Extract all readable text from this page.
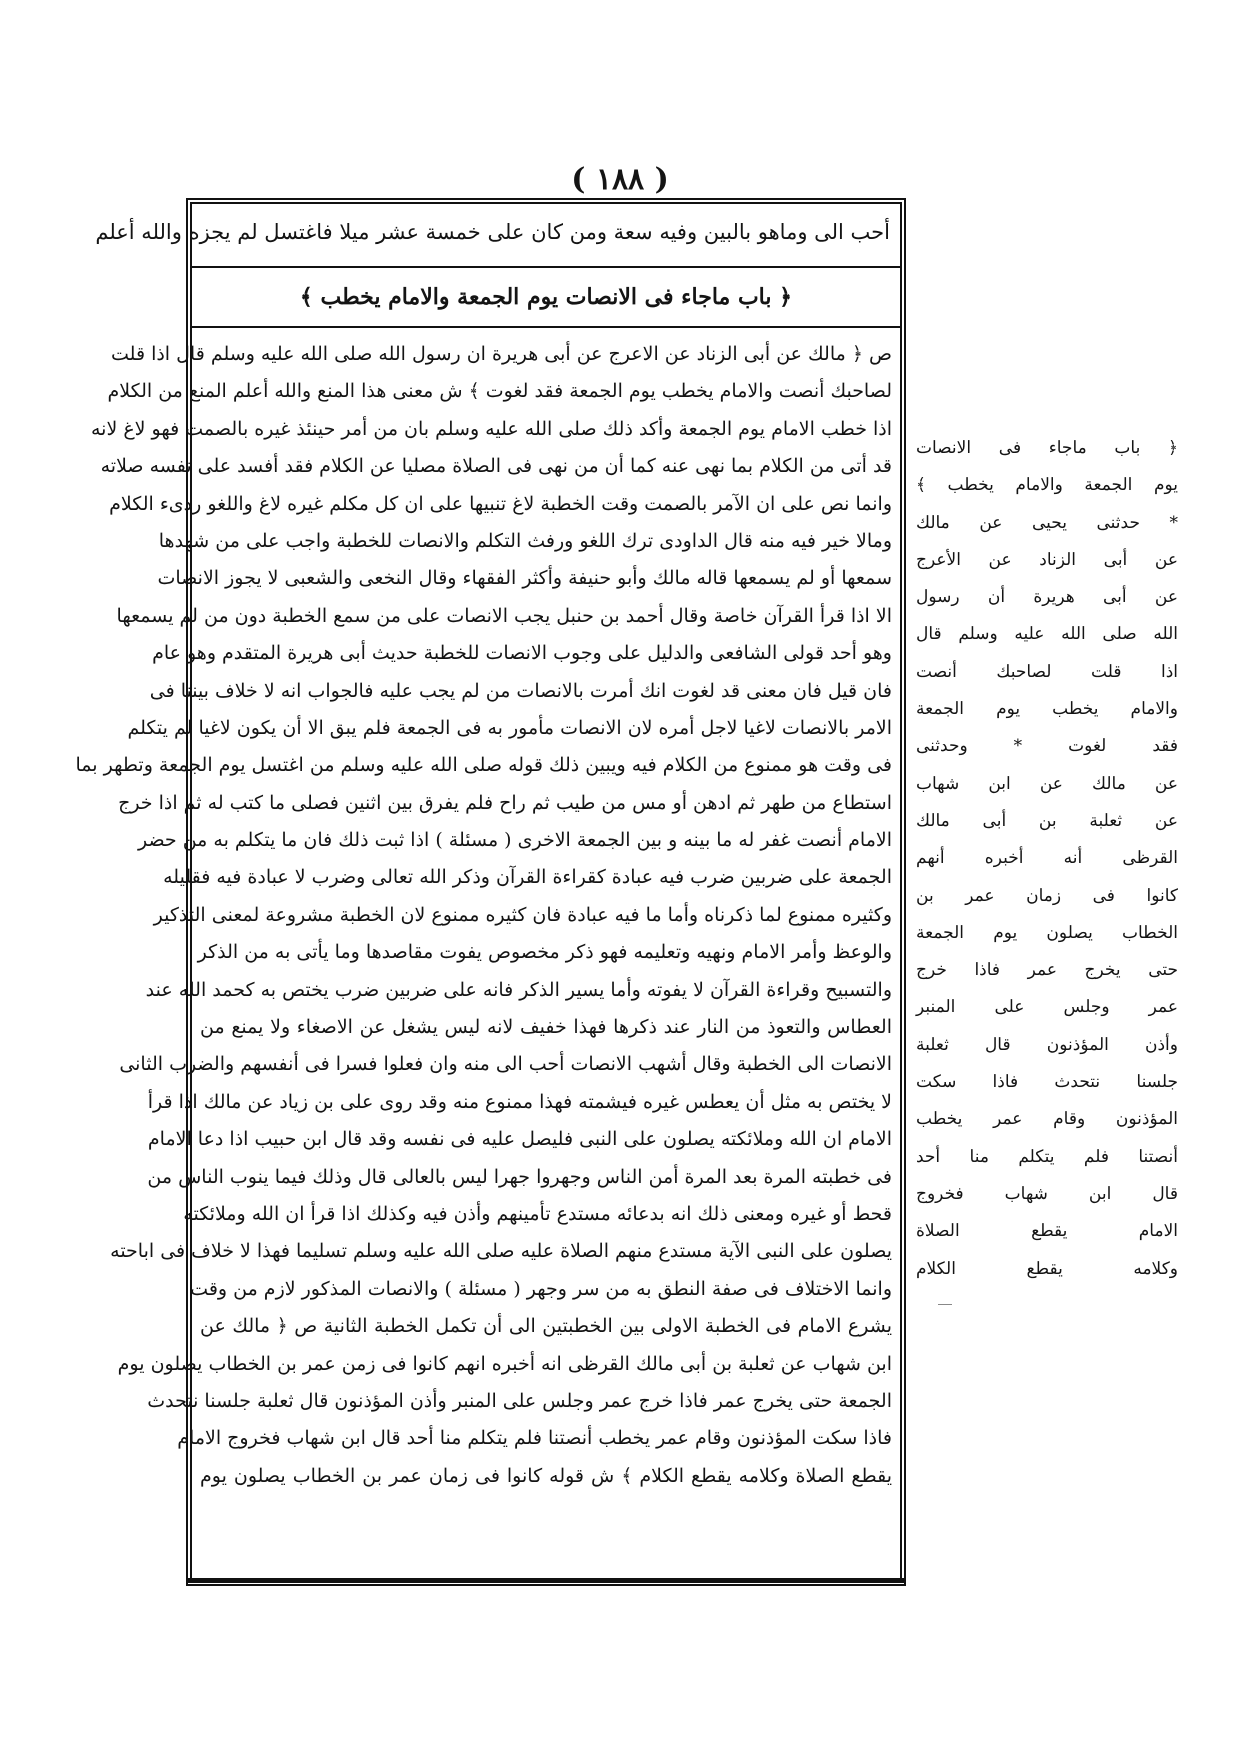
( ١٨٨ )
أحب الى وماهو بالبين وفيه سعة ومن كان على خمسة عشر ميلا فاغتسل لم يجزه والله أعلم
﴿ باب ماجاء فى الانصات يوم الجمعة والامام يخطب ﴾
ص ﴿ مالك عن أبى الزناد عن الاعرج عن أبى هريرة ان رسول الله صلى الله عليه وسلم قال اذا قلت
لصاحبك أنصت والامام يخطب يوم الجمعة فقد لغوت ﴾ ش معنى هذا المنع والله أعلم المنع من الكلام
اذا خطب الامام يوم الجمعة وأكد ذلك صلى الله عليه وسلم بان من أمر حينئذ غيره بالصمت فهو لاغ لانه
قد أتى من الكلام بما نهى عنه كما أن من نهى فى الصلاة مصليا عن الكلام فقد أفسد على نفسه صلاته
وانما نص على ان الآمر بالصمت وقت الخطبة لاغ تنبيها على ان كل مكلم غيره لاغ واللغو ردىء الكلام
ومالا خير فيه منه قال الداودى ترك اللغو ورفث التكلم والانصات للخطبة واجب على من شهدها
سمعها أو لم يسمعها قاله مالك وأبو حنيفة وأكثر الفقهاء وقال النخعى والشعبى لا يجوز الانصات
الا اذا قرأ القرآن خاصة وقال أحمد بن حنبل يجب الانصات على من سمع الخطبة دون من لم يسمعها
وهو أحد قولى الشافعى والدليل على وجوب الانصات للخطبة حديث أبى هريرة المتقدم وهو عام
فان قيل فان معنى قد لغوت انك أمرت بالانصات من لم يجب عليه فالجواب انه لا خلاف بيننا فى
الامر بالانصات لاغيا لاجل أمره لان الانصات مأمور به فى الجمعة فلم يبق الا أن يكون لاغيا لم يتكلم
فى وقت هو ممنوع من الكلام فيه ويبين ذلك قوله صلى الله عليه وسلم من اغتسل يوم الجمعة وتطهر بما
استطاع من طهر ثم ادهن أو مس من طيب ثم راح فلم يفرق بين اثنين فصلى ما كتب له ثم اذا خرج
الامام أنصت غفر له ما بينه و بين الجمعة الاخرى ( مسئلة ) اذا ثبت ذلك فان ما يتكلم به من حضر
الجمعة على ضربين ضرب فيه عبادة كقراءة القرآن وذكر الله تعالى وضرب لا عبادة فيه فقليله
وكثيره ممنوع لما ذكرناه وأما ما فيه عبادة فان كثيره ممنوع لان الخطبة مشروعة لمعنى التذكير
والوعظ وأمر الامام ونهيه وتعليمه فهو ذكر مخصوص يفوت مقاصدها وما يأتى به من الذكر
والتسبيح وقراءة القرآن لا يفوته وأما يسير الذكر فانه على ضربين ضرب يختص به كحمد الله عند
العطاس والتعوذ من النار عند ذكرها فهذا خفيف لانه ليس يشغل عن الاصغاء ولا يمنع من
الانصات الى الخطبة وقال أشهب الانصات أحب الى منه وان فعلوا فسرا فى أنفسهم والضرب الثانى
لا يختص به مثل أن يعطس غيره فيشمته فهذا ممنوع منه وقد روى على بن زياد عن مالك اذا قرأ
الامام ان الله وملائكته يصلون على النبى فليصل عليه فى نفسه وقد قال ابن حبيب اذا دعا الامام
فى خطبته المرة بعد المرة أمن الناس وجهروا جهرا ليس بالعالى قال وذلك فيما ينوب الناس من
قحط أو غيره ومعنى ذلك انه بدعائه مستدع تأمينهم وأذن فيه وكذلك اذا قرأ ان الله وملائكته
يصلون على النبى الآية مستدع منهم الصلاة عليه صلى الله عليه وسلم تسليما فهذا لا خلاف فى اباحته
وانما الاختلاف فى صفة النطق به من سر وجهر ( مسئلة ) والانصات المذكور لازم من وقت
يشرع الامام فى الخطبة الاولى بين الخطبتين الى أن تكمل الخطبة الثانية ص ﴿ مالك عن
ابن شهاب عن ثعلبة بن أبى مالك القرظى انه أخبره انهم كانوا فى زمن عمر بن الخطاب يصلون يوم
الجمعة حتى يخرج عمر فاذا خرج عمر وجلس على المنبر وأذن المؤذنون قال ثعلبة جلسنا نتحدث
فاذا سكت المؤذنون وقام عمر يخطب أنصتنا فلم يتكلم منا أحد قال ابن شهاب فخروج الامام
يقطع الصلاة وكلامه يقطع الكلام ﴾ ش قوله كانوا فى زمان عمر بن الخطاب يصلون يوم
﴿ باب ماجاء فى الانصات
يوم الجمعة والامام يخطب ﴾
* حدثنى يحيى عن مالك
عن أبى الزناد عن الأعرج
عن أبى هريرة أن رسول
الله صلى الله عليه وسلم قال
اذا قلت لصاحبك أنصت
والامام يخطب يوم الجمعة
فقد لغوت * وحدثنى
عن مالك عن ابن شهاب
عن ثعلبة بن أبى مالك
القرظى أنه أخبره أنهم
كانوا فى زمان عمر بن
الخطاب يصلون يوم الجمعة
حتى يخرج عمر فاذا خرج
عمر وجلس على المنبر
وأذن المؤذنون قال ثعلبة
جلسنا نتحدث فاذا سكت
المؤذنون وقام عمر يخطب
أنصتنا فلم يتكلم منا أحد
قال ابن شهاب فخروج
الامام يقطع الصلاة
وكلامه يقطع الكلام
